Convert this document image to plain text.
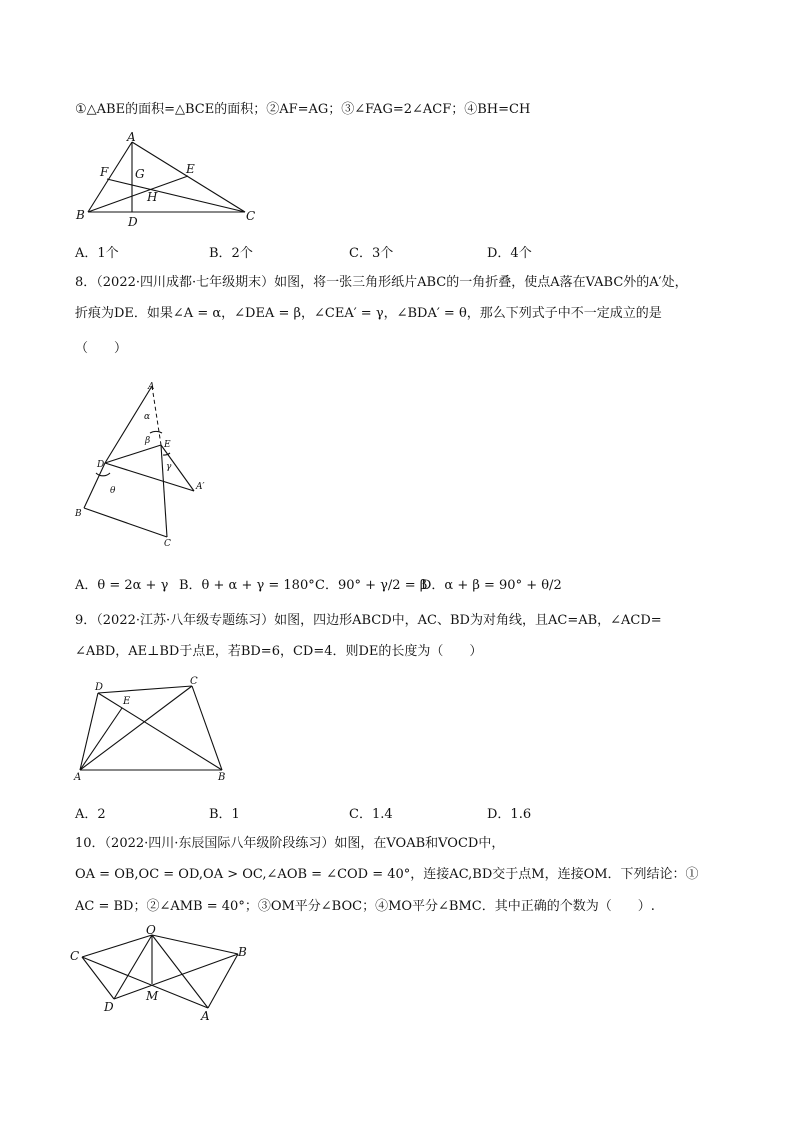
①△ABE的面积=△BCE的面积；②AF=AG；③∠FAG=2∠ACF；④BH=CH
A
B	C
D
E
F G
H
A．1个	B．2个	C．3个	D．4个
8．（2022·四川成都·七年级期末）如图，将一张三角形纸片ABC的一角折叠，使点A落在VABC外的A′处，
折痕为DE．如果∠A = α，∠DEA = β，∠CEA′ = γ，∠BDA′ = θ，那么下列式子中不一定成立的是
（　　）
A
α
β E
γ
D
A′
θ
B
C
A．θ = 2α + γ B．θ + α + γ = 180° C．90° + γ/2 = β
D．α + β = 90° + θ/2
9．（2022·江苏·八年级专题练习）如图，四边形ABCD中，AC、BD为对角线，且AC=AB，∠ACD=
∠ABD，AE⊥BD于点E，若BD=6，CD=4．则DE的长度为（　　）
D
C
E
A	B
A．2	B．1	C．1.4	D．1.6
10．（2022·四川·东辰国际八年级阶段练习）如图，在VOAB和VOCD中，
OA = OB,OC = OD,OA > OC,∠AOB = ∠COD = 40°，连接AC,BD交于点M，连接OM．下列结论：①
AC = BD；②∠AMB = 40°；③OM平分∠BOC；④MO平分∠BMC．其中正确的个数为（　　）.
O
C	B
M
D
A
